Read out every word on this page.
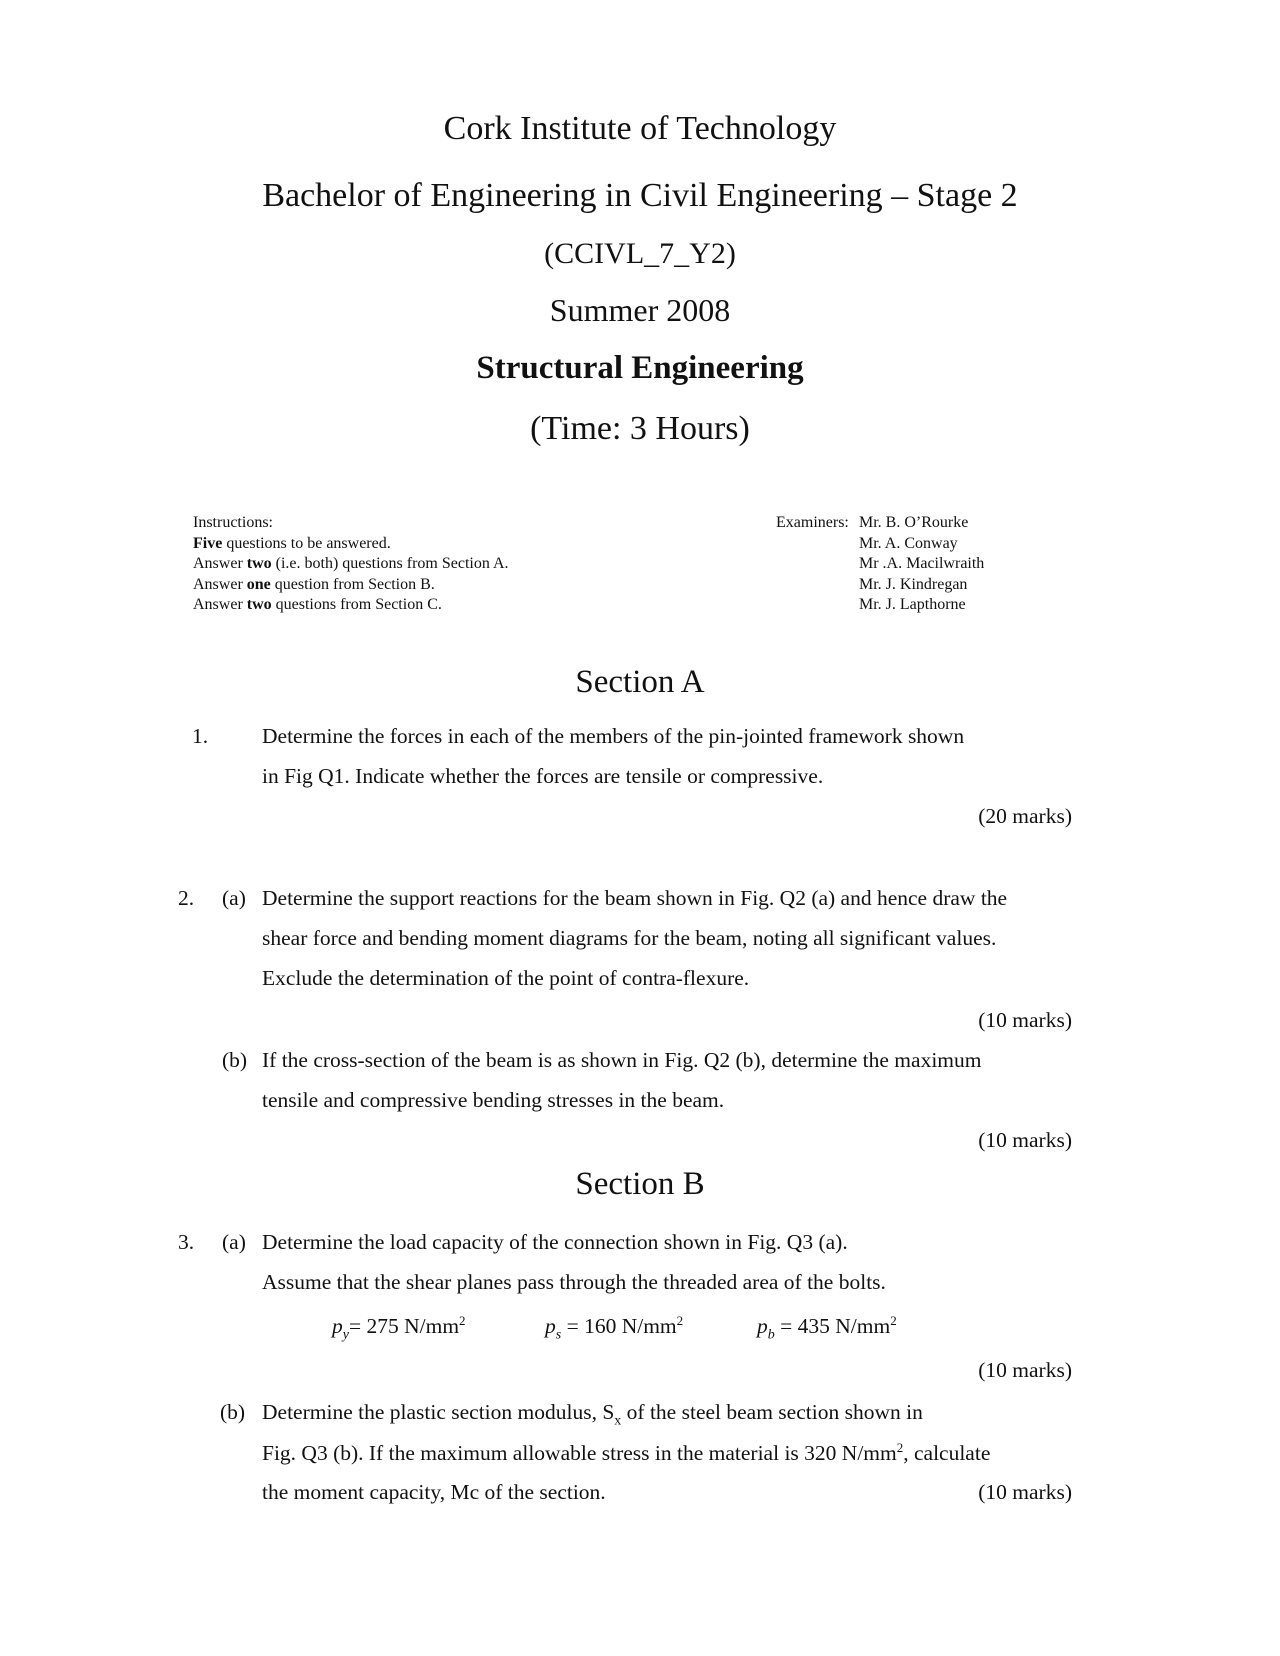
Cork Institute of Technology
Bachelor of Engineering in Civil Engineering – Stage 2
(CCIVL_7_Y2)
Summer 2008
Structural Engineering
(Time: 3 Hours)
Instructions:
Five questions to be answered.
Answer two (i.e. both) questions from Section A.
Answer one question from Section B.
Answer two questions from Section C.
Examiners: Mr. B. O’Rourke
Mr. A. Conway
Mr .A. Macilwraith
Mr. J. Kindregan
Mr. J. Lapthorne
Section A
1.	Determine the forces in each of the members of the pin-jointed framework shown
in Fig Q1. Indicate whether the forces are tensile or compressive.
(20 marks)
2. (a) Determine the support reactions for the beam shown in Fig. Q2 (a) and hence draw the
shear force and bending moment diagrams for the beam, noting all significant values.
Exclude the determination of the point of contra-flexure.
(10 marks)
(b) If the cross-section of the beam is as shown in Fig. Q2 (b), determine the maximum
tensile and compressive bending stresses in the beam.
(10 marks)
Section B
3. (a) Determine the load capacity of the connection shown in Fig. Q3 (a).
Assume that the shear planes pass through the threaded area of the bolts.
$p_y= 275$ $N/mm^2$	$p_s = 160$ $N/mm^2$	$p_b = 435$ $N/mm^2$
(10 marks)
(b) Determine the plastic section modulus, $S_x$ of the steel beam section shown in
Fig. Q3 (b). If the maximum allowable stress in the material is 320 $N/mm^2$, calculate
the moment capacity, Mc of the section.	(10 marks)
